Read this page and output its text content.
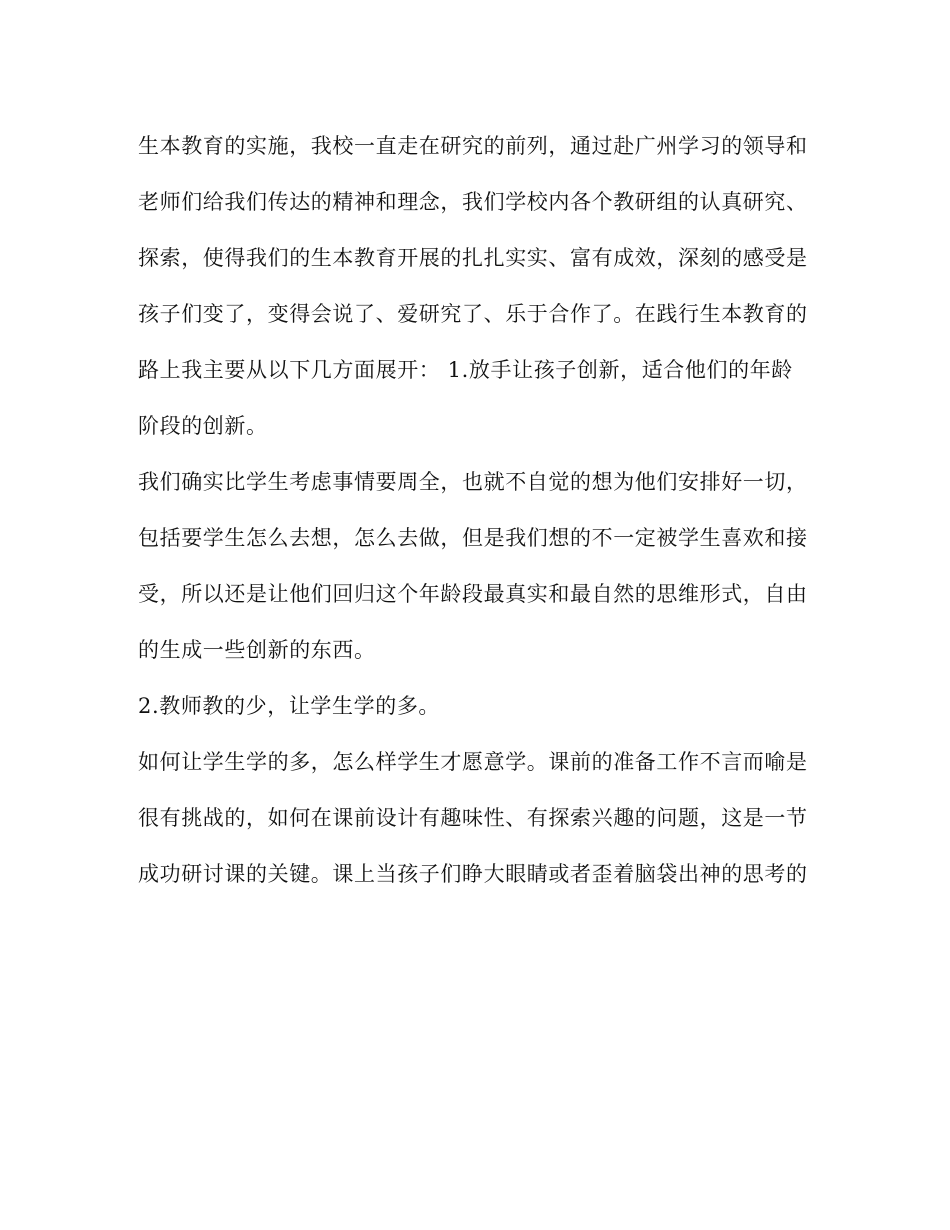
生本教育的实施，我校一直走在研究的前列，通过赴广州学习的领导和
老师们给我们传达的精神和理念，我们学校内各个教研组的认真研究、
探索，使得我们的生本教育开展的扎扎实实、富有成效，深刻的感受是
孩子们变了，变得会说了、爱研究了、乐于合作了。在践行生本教育的
路上我主要从以下几方面展开： 1.放手让孩子创新，适合他们的年龄
阶段的创新。
我们确实比学生考虑事情要周全，也就不自觉的想为他们安排好一切，
包括要学生怎么去想，怎么去做，但是我们想的不一定被学生喜欢和接
受，所以还是让他们回归这个年龄段最真实和最自然的思维形式，自由
的生成一些创新的东西。
2.教师教的少，让学生学的多。
如何让学生学的多，怎么样学生才愿意学。课前的准备工作不言而喻是
很有挑战的，如何在课前设计有趣味性、有探索兴趣的问题，这是一节
成功研讨课的关键。课上当孩子们睁大眼睛或者歪着脑袋出神的思考的
